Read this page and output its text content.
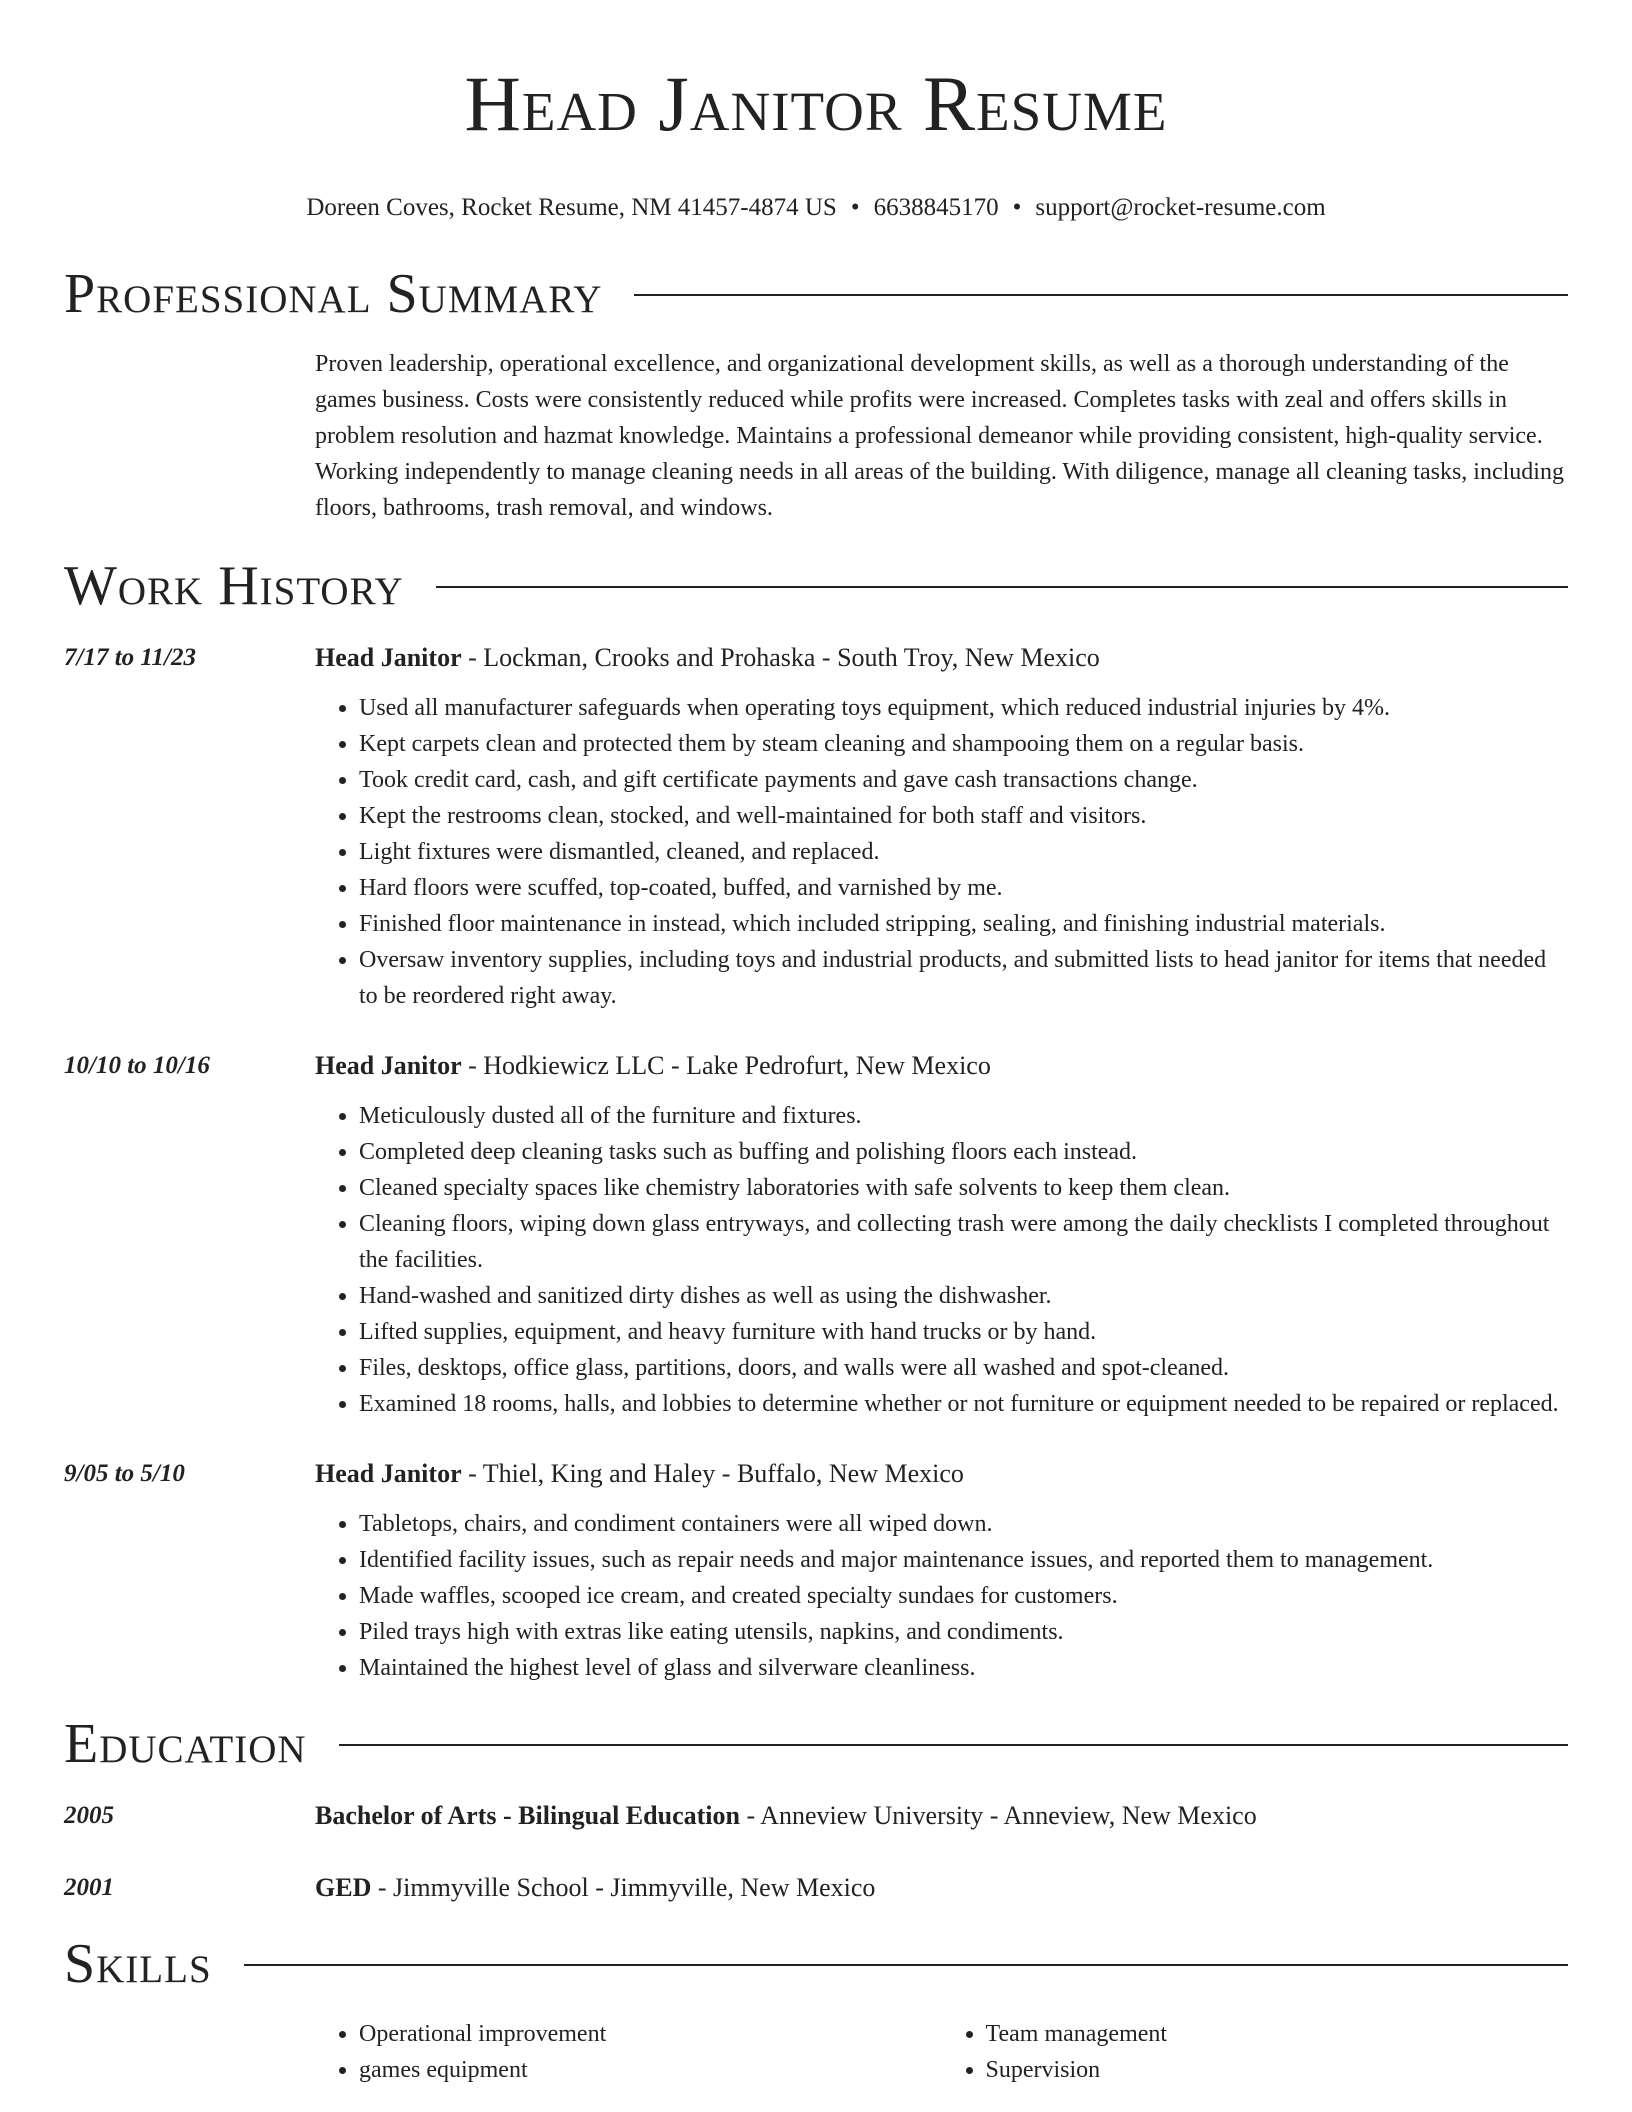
Head Janitor Resume
Doreen Coves, Rocket Resume, NM 41457-4874 US • 6638845170 • support@rocket-resume.com
Professional Summary
Proven leadership, operational excellence, and organizational development skills, as well as a thorough understanding of the games business. Costs were consistently reduced while profits were increased. Completes tasks with zeal and offers skills in problem resolution and hazmat knowledge. Maintains a professional demeanor while providing consistent, high-quality service. Working independently to manage cleaning needs in all areas of the building. With diligence, manage all cleaning tasks, including floors, bathrooms, trash removal, and windows.
Work History
7/17 to 11/23	Head Janitor - Lockman, Crooks and Prohaska - South Troy, New Mexico
• Used all manufacturer safeguards when operating toys equipment, which reduced industrial injuries by 4%.
• Kept carpets clean and protected them by steam cleaning and shampooing them on a regular basis.
• Took credit card, cash, and gift certificate payments and gave cash transactions change.
• Kept the restrooms clean, stocked, and well-maintained for both staff and visitors.
• Light fixtures were dismantled, cleaned, and replaced.
• Hard floors were scuffed, top-coated, buffed, and varnished by me.
• Finished floor maintenance in instead, which included stripping, sealing, and finishing industrial materials.
• Oversaw inventory supplies, including toys and industrial products, and submitted lists to head janitor for items that needed to be reordered right away.
10/10 to 10/16	Head Janitor - Hodkiewicz LLC - Lake Pedrofurt, New Mexico
• Meticulously dusted all of the furniture and fixtures.
• Completed deep cleaning tasks such as buffing and polishing floors each instead.
• Cleaned specialty spaces like chemistry laboratories with safe solvents to keep them clean.
• Cleaning floors, wiping down glass entryways, and collecting trash were among the daily checklists I completed throughout the facilities.
• Hand-washed and sanitized dirty dishes as well as using the dishwasher.
• Lifted supplies, equipment, and heavy furniture with hand trucks or by hand.
• Files, desktops, office glass, partitions, doors, and walls were all washed and spot-cleaned.
• Examined 18 rooms, halls, and lobbies to determine whether or not furniture or equipment needed to be repaired or replaced.
9/05 to 5/10	Head Janitor - Thiel, King and Haley - Buffalo, New Mexico
• Tabletops, chairs, and condiment containers were all wiped down.
• Identified facility issues, such as repair needs and major maintenance issues, and reported them to management.
• Made waffles, scooped ice cream, and created specialty sundaes for customers.
• Piled trays high with extras like eating utensils, napkins, and condiments.
• Maintained the highest level of glass and silverware cleanliness.
Education
2005	Bachelor of Arts - Bilingual Education - Anneview University - Anneview, New Mexico
2001	GED - Jimmyville School - Jimmyville, New Mexico
Skills
• Operational improvement
• games equipment
• Team management
• Supervision
